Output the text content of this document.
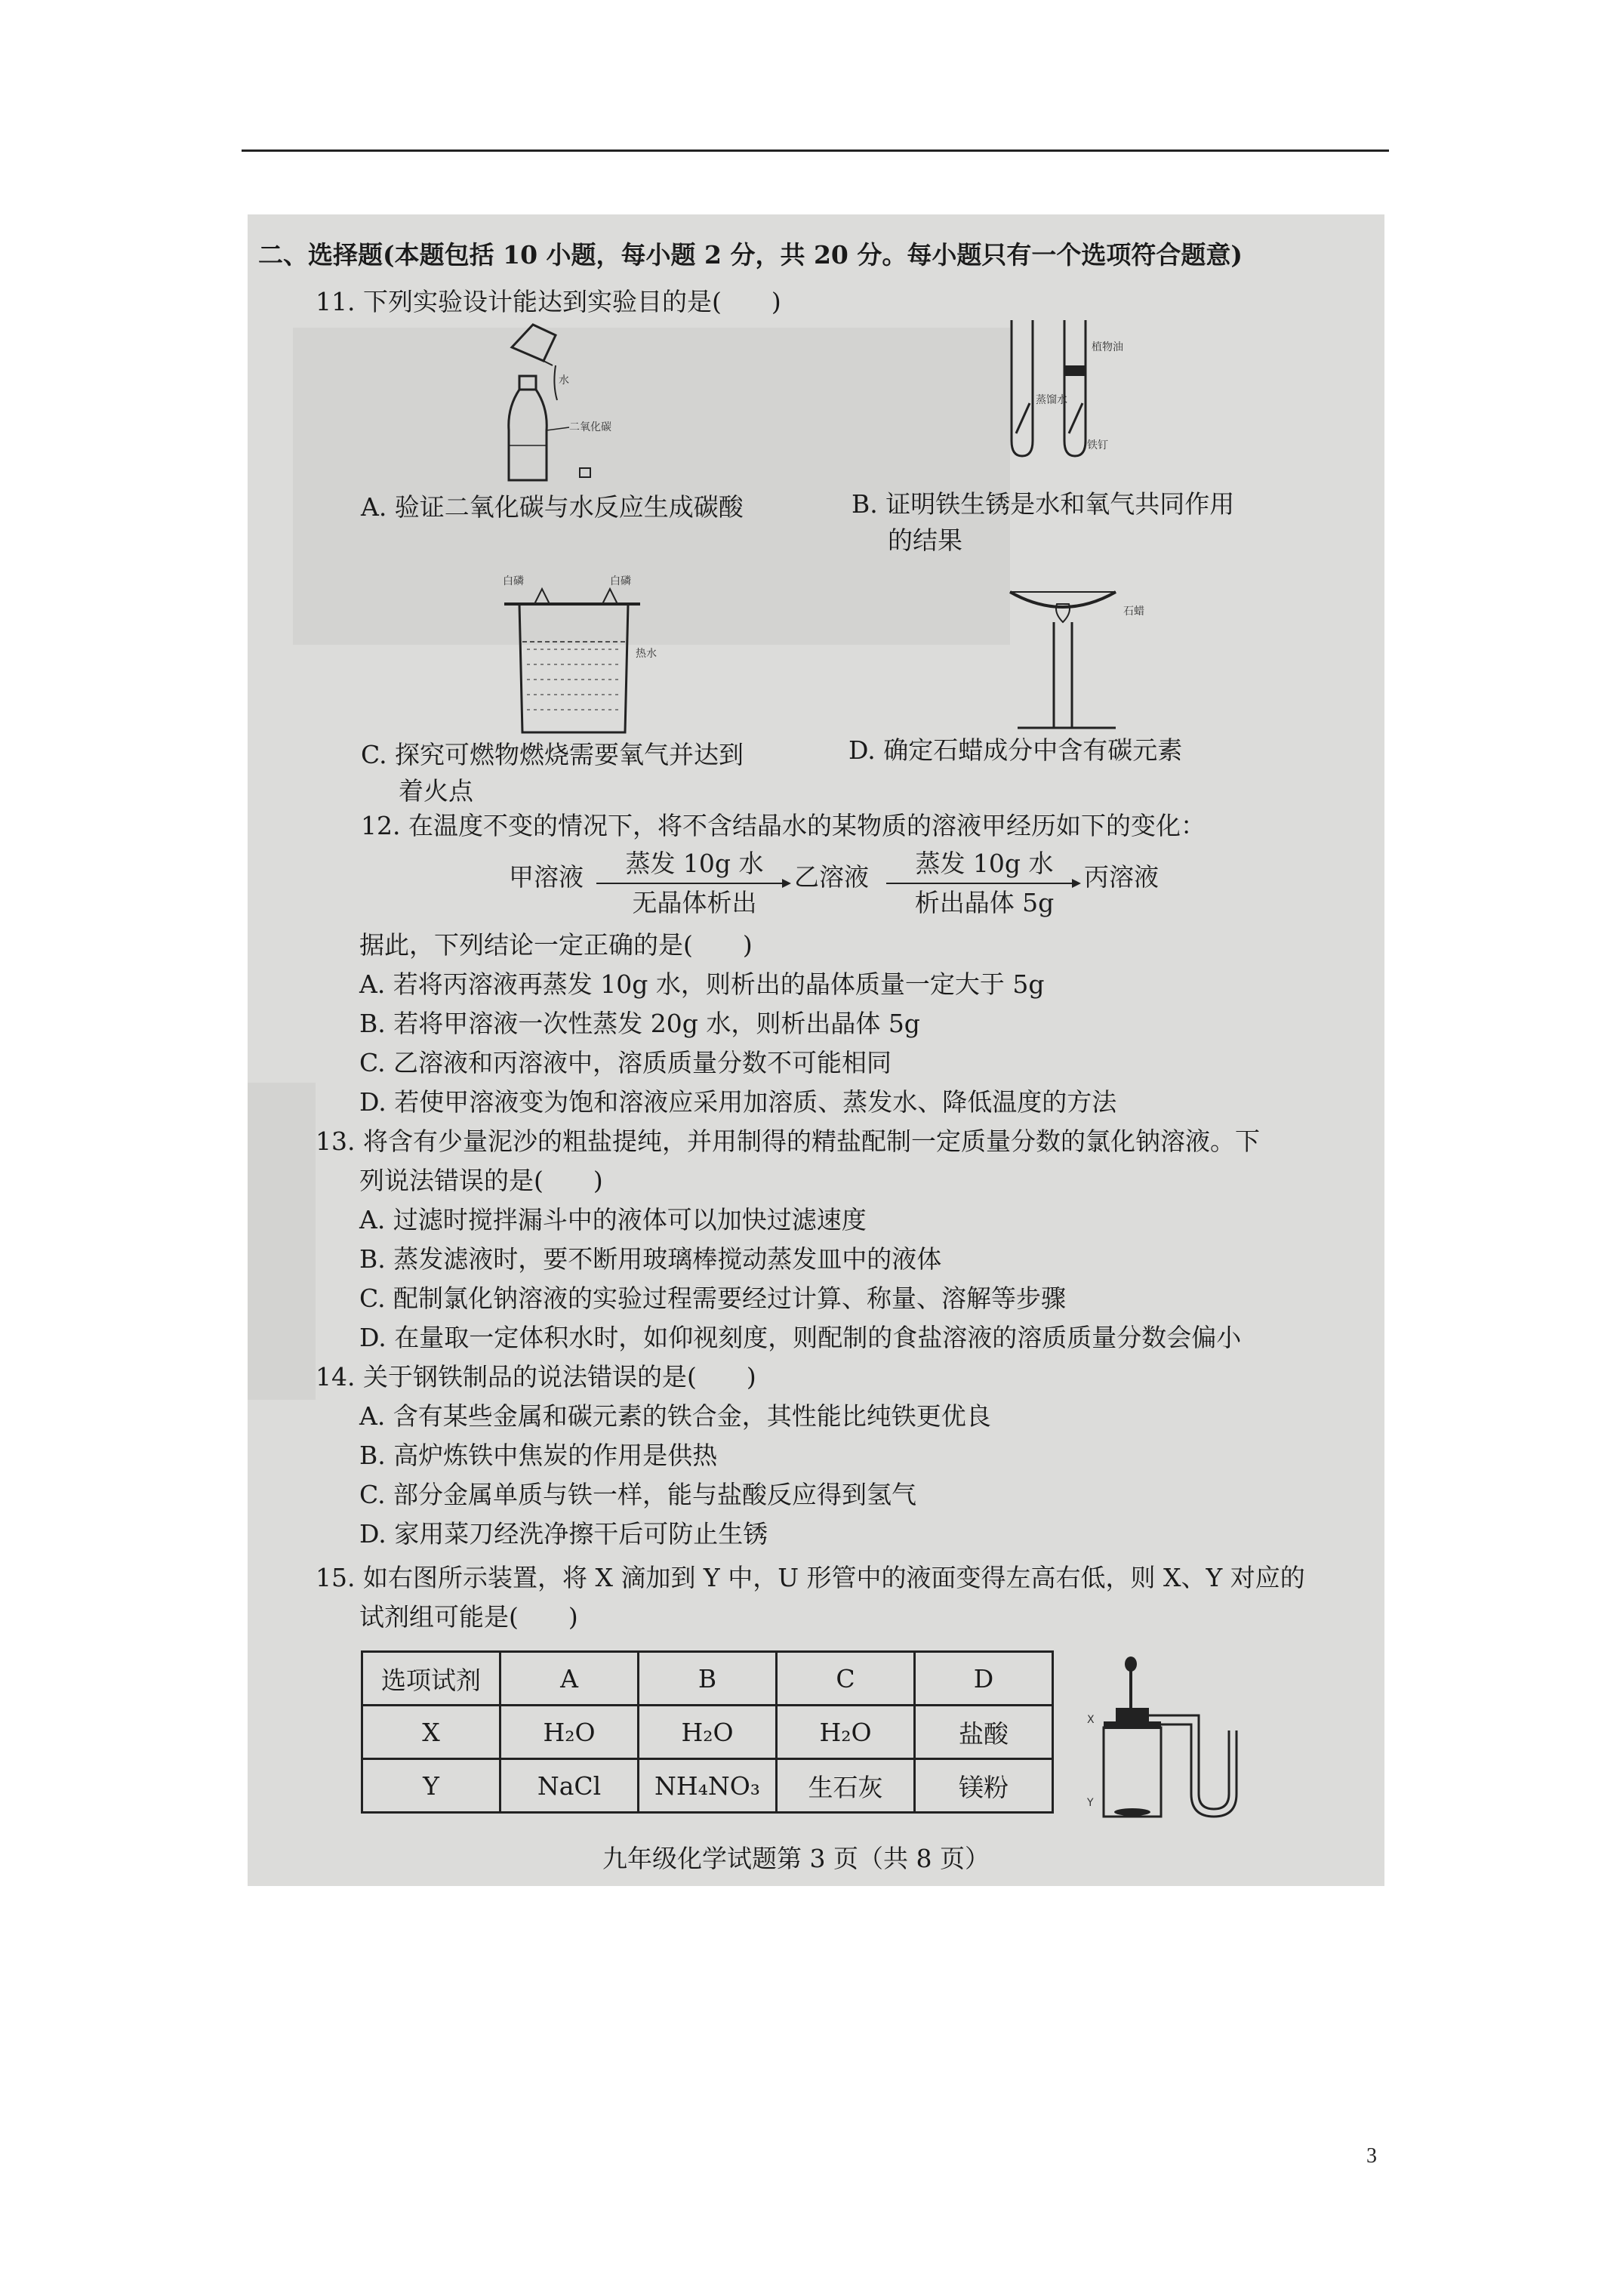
二、选择题(本题包括 10 小题，每小题 2 分，共 20 分。每小题只有一个选项符合题意)
11. 下列实验设计能达到实验目的是(　　)
水
二氧化碳
A. 验证二氧化碳与水反应生成碳酸
植物油
蒸馏水
铁钉
B. 证明铁生锈是水和氧气共同作用
的结果
白磷	白磷
热水
C. 探究可燃物燃烧需要氧气并达到
着火点
石蜡
D. 确定石蜡成分中含有碳元素
12. 在温度不变的情况下，将不含结晶水的某物质的溶液甲经历如下的变化：
甲溶液	蒸发 10g 水
无晶体析出
乙溶液	蒸发 10g 水
析出晶体 5g
丙溶液
据此，下列结论一定正确的是(　　)
A. 若将丙溶液再蒸发 10g 水，则析出的晶体质量一定大于 5g
B. 若将甲溶液一次性蒸发 20g 水，则析出晶体 5g
C. 乙溶液和丙溶液中，溶质质量分数不可能相同
D. 若使甲溶液变为饱和溶液应采用加溶质、蒸发水、降低温度的方法
13. 将含有少量泥沙的粗盐提纯，并用制得的精盐配制一定质量分数的氯化钠溶液。下
列说法错误的是(　　)
A. 过滤时搅拌漏斗中的液体可以加快过滤速度
B. 蒸发滤液时，要不断用玻璃棒搅动蒸发皿中的液体
C. 配制氯化钠溶液的实验过程需要经过计算、称量、溶解等步骤
D. 在量取一定体积水时，如仰视刻度，则配制的食盐溶液的溶质质量分数会偏小
14. 关于钢铁制品的说法错误的是(　　)
A. 含有某些金属和碳元素的铁合金，其性能比纯铁更优良
B. 高炉炼铁中焦炭的作用是供热
C. 部分金属单质与铁一样，能与盐酸反应得到氢气
D. 家用菜刀经洗净擦干后可防止生锈
15. 如右图所示装置，将 X 滴加到 Y 中，U 形管中的液面变得左高右低，则 X、Y 对应的
试剂组可能是(　　)
选项试剂	A	B	C	D
X	H₂O	H₂O	H₂O	盐酸
Y	NaCl	NH₄NO₃	生石灰	镁粉
X
Y
九年级化学试题第 3 页（共 8 页）
3
